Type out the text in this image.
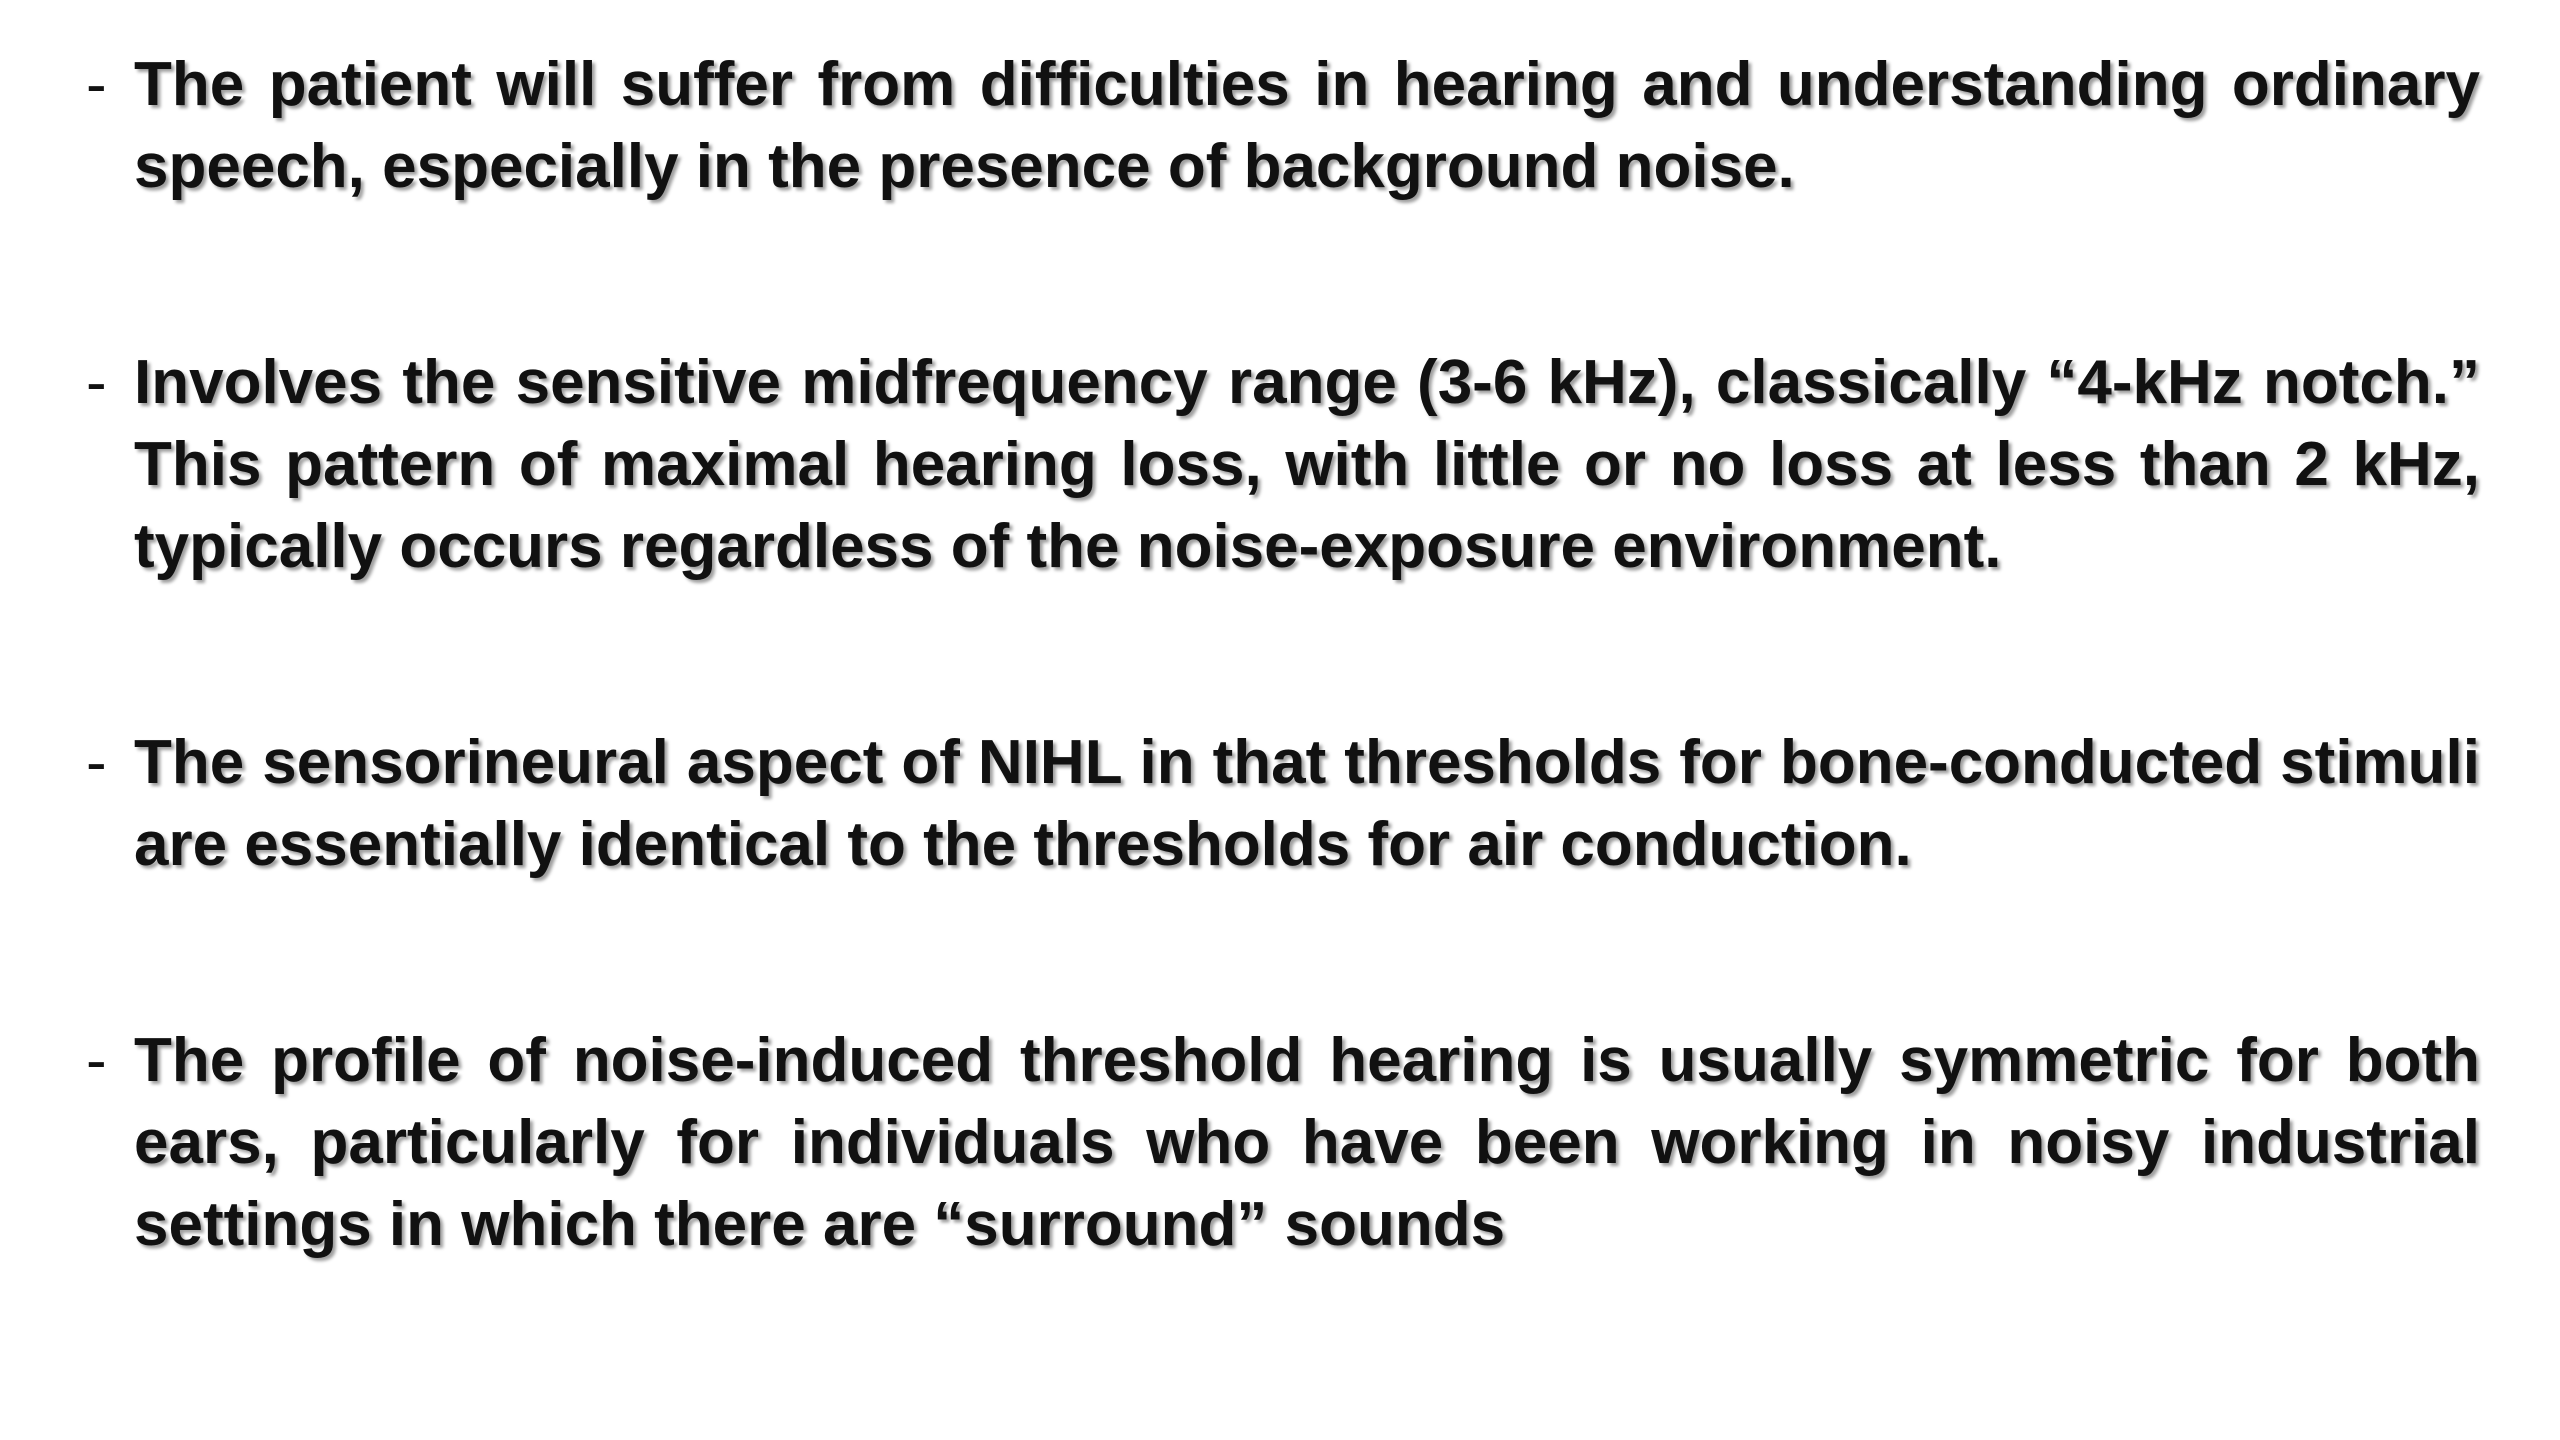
- The patient will suffer from difficulties in hearing and understanding ordinary speech, especially in the presence of background noise.
- Involves the sensitive midfrequency range (3-6 kHz), classically “4-kHz notch.” This pattern of maximal hearing loss, with little or no loss at less than 2 kHz, typically occurs regardless of the noise-exposure environment.
- The sensorineural aspect of NIHL in that thresholds for bone-conducted stimuli are essentially identical to the thresholds for air conduction.
- The profile of noise-induced threshold hearing is usually symmetric for both ears, particularly for individuals who have been working in noisy industrial settings in which there are “surround” sounds
